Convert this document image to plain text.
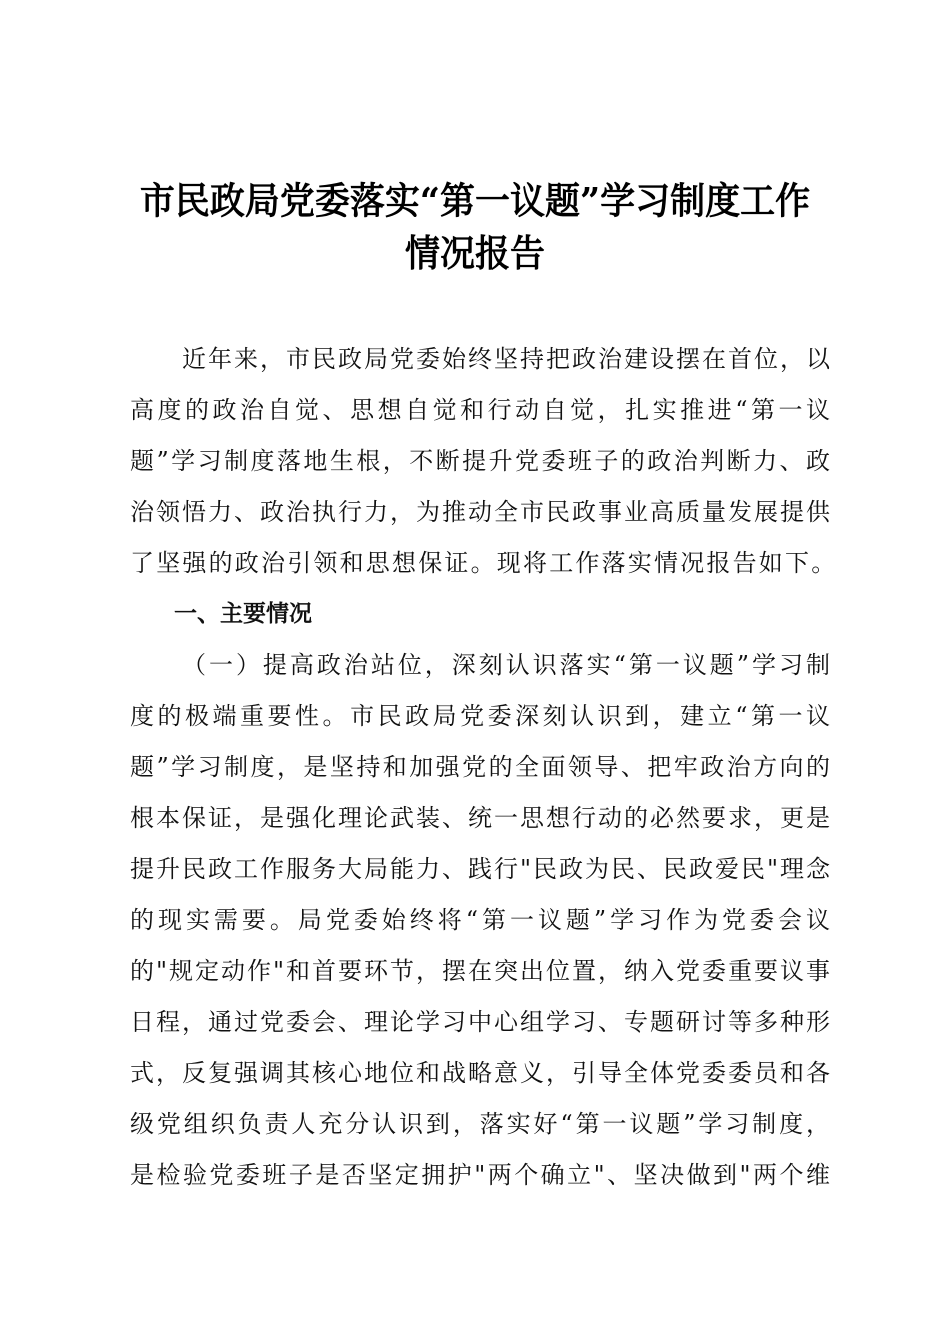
市民政局党委落实“第一议题”学习制度工作
情况报告
近年来，市民政局党委始终坚持把政治建设摆在首位，以
高度的政治自觉、思想自觉和行动自觉，扎实推进“第一议
题”学习制度落地生根，不断提升党委班子的政治判断力、政
治领悟力、政治执行力，为推动全市民政事业高质量发展提供
了坚强的政治引领和思想保证。现将工作落实情况报告如下。
一、主要情况
（一）提高政治站位，深刻认识落实“第一议题”学习制
度的极端重要性。市民政局党委深刻认识到，建立“第一议
题”学习制度，是坚持和加强党的全面领导、把牢政治方向的
根本保证，是强化理论武装、统一思想行动的必然要求，更是
提升民政工作服务大局能力、践行"民政为民、民政爱民"理念
的现实需要。局党委始终将“第一议题”学习作为党委会议
的"规定动作"和首要环节，摆在突出位置，纳入党委重要议事
日程，通过党委会、理论学习中心组学习、专题研讨等多种形
式，反复强调其核心地位和战略意义，引导全体党委委员和各
级党组织负责人充分认识到，落实好“第一议题”学习制度，
是检验党委班子是否坚定拥护"两个确立"、坚决做到"两个维
